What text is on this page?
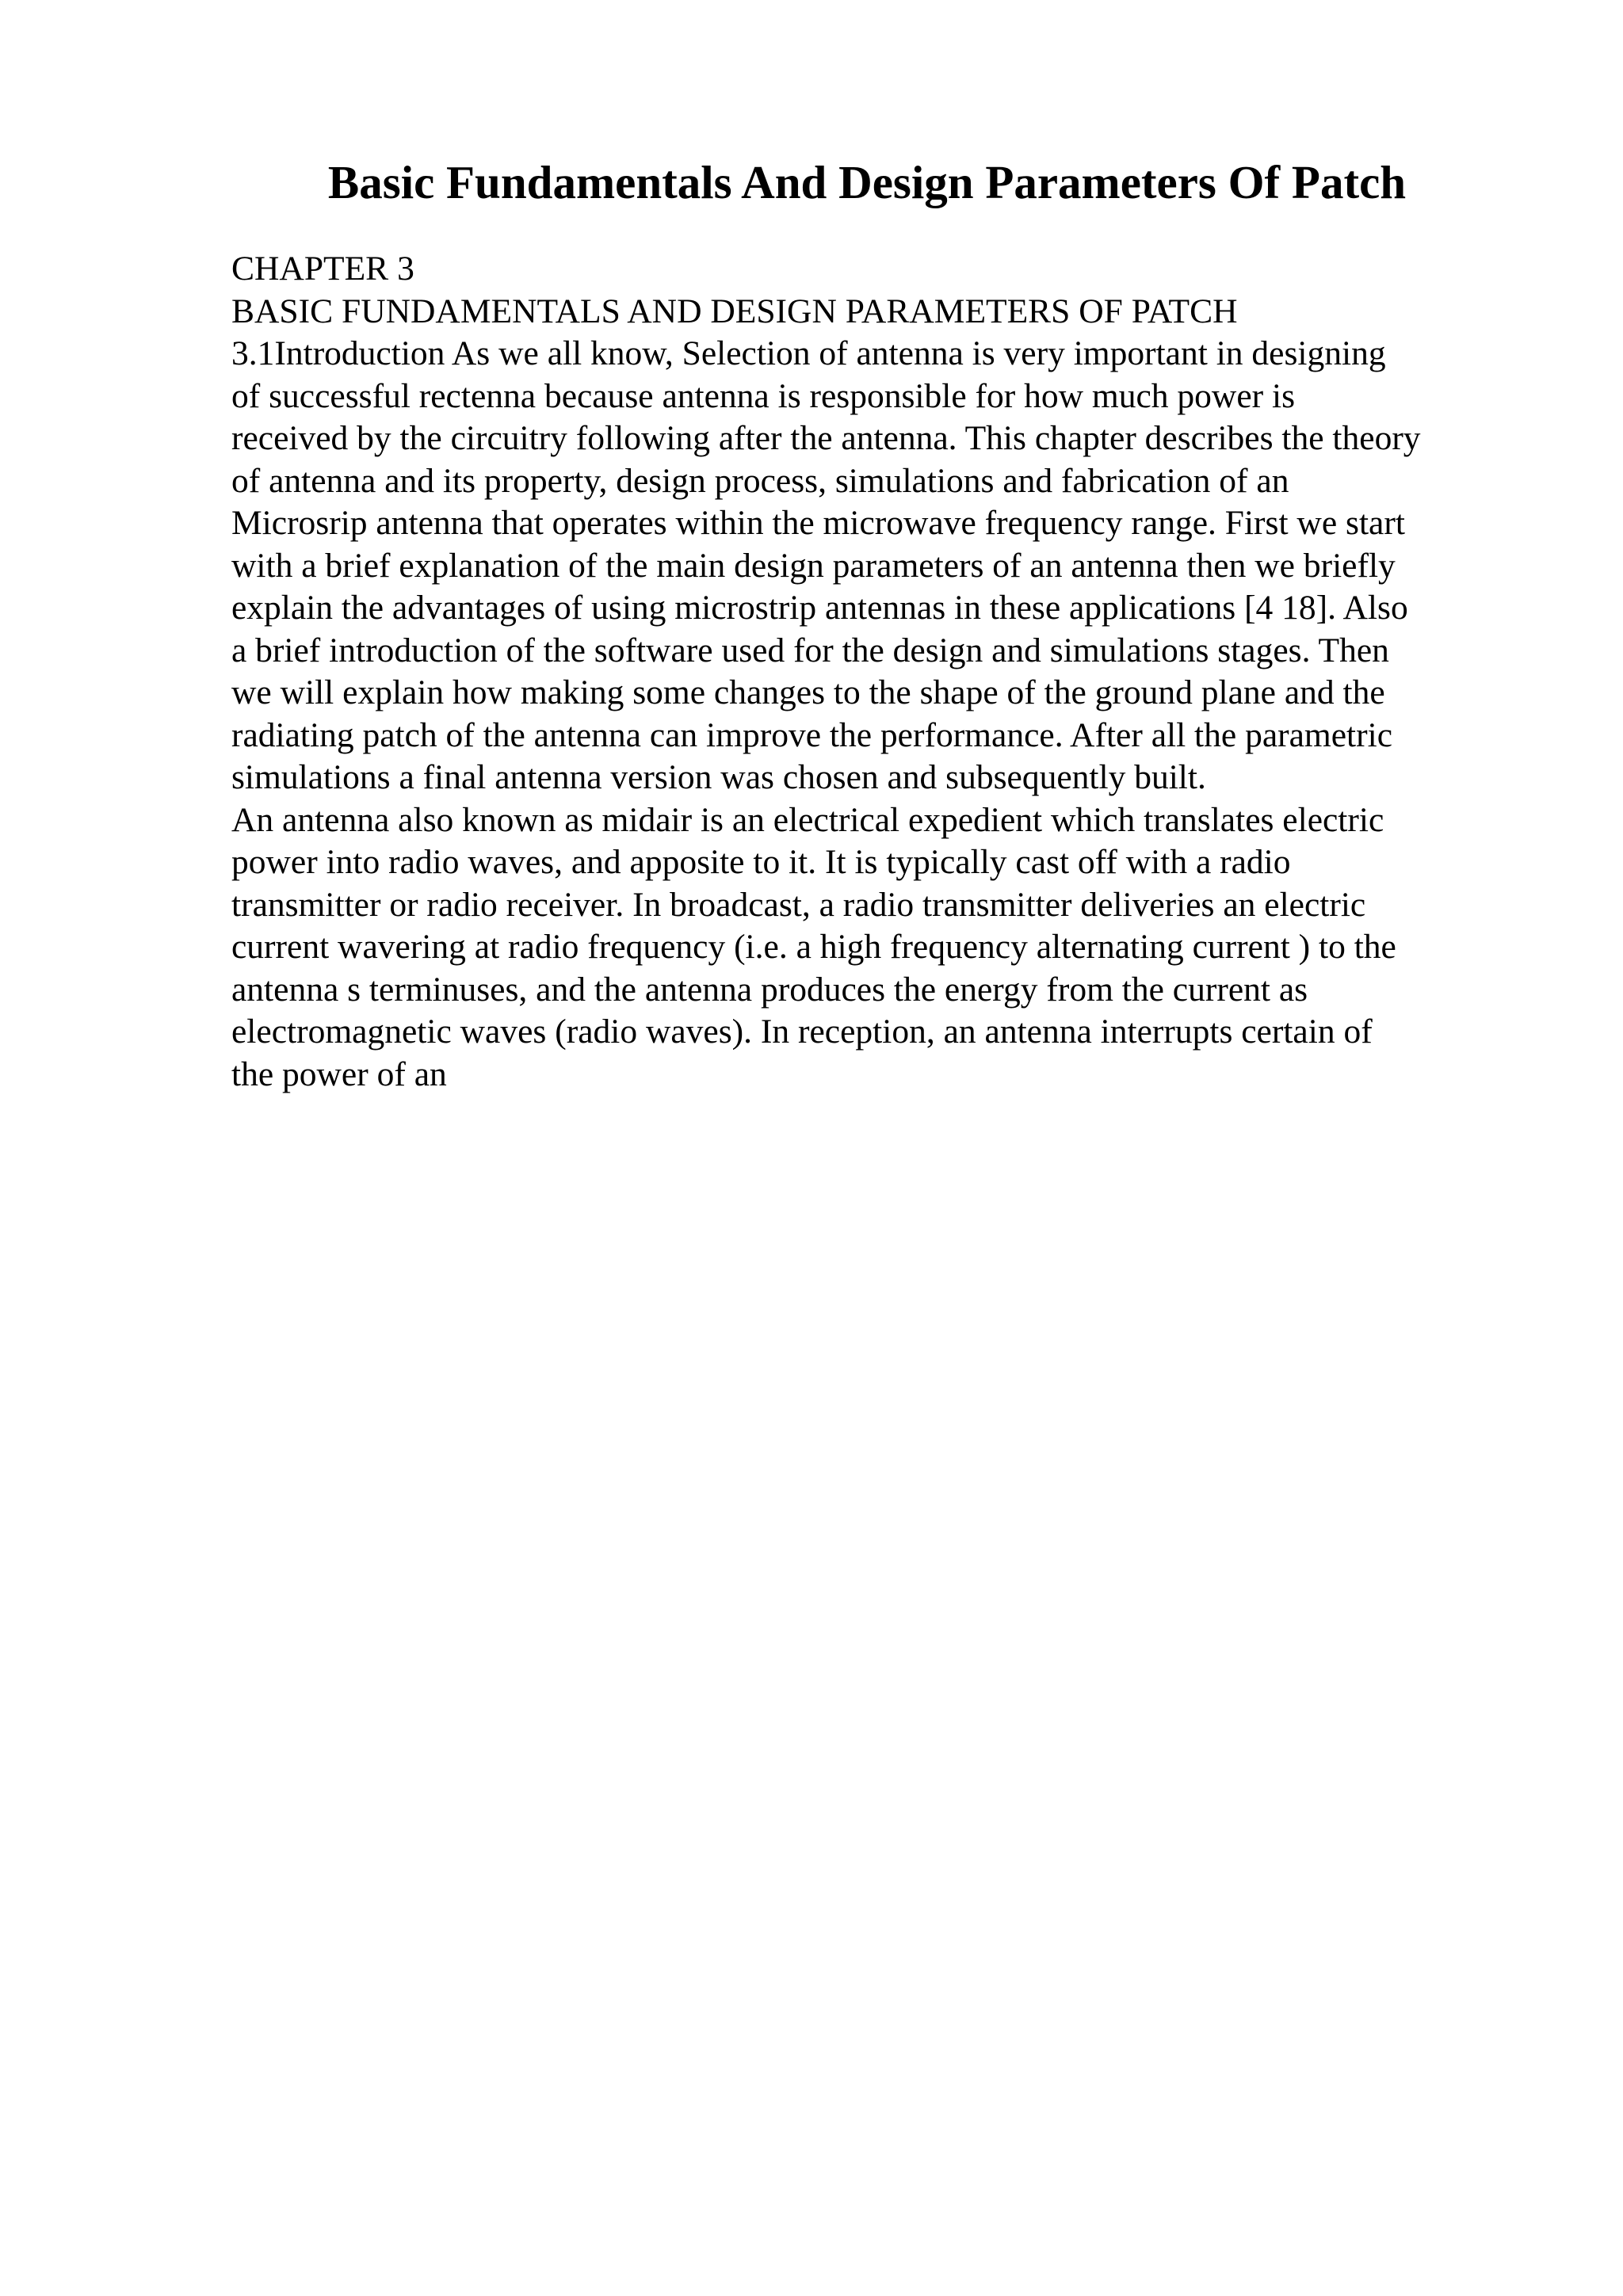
Basic Fundamentals And Design Parameters Of Patch
CHAPTER 3
BASIC FUNDAMENTALS AND DESIGN PARAMETERS OF PATCH
3.1Introduction As we all know, Selection of antenna is very important in designing
of successful rectenna because antenna is responsible for how much power is
received by the circuitry following after the antenna. This chapter describes the theory
of antenna and its property, design process, simulations and fabrication of an
Microsrip antenna that operates within the microwave frequency range. First we start
with a brief explanation of the main design parameters of an antenna then we briefly
explain the advantages of using microstrip antennas in these applications [4 18]. Also
a brief introduction of the software used for the design and simulations stages. Then
we will explain how making some changes to the shape of the ground plane and the
radiating patch of the antenna can improve the performance. After all the parametric
simulations a final antenna version was chosen and subsequently built.
An antenna also known as midair is an electrical expedient which translates electric
power into radio waves, and apposite to it. It is typically cast off with a radio
transmitter or radio receiver. In broadcast, a radio transmitter deliveries an electric
current wavering at radio frequency (i.e. a high frequency alternating current ) to the
antenna s terminuses, and the antenna produces the energy from the current as
electromagnetic waves (radio waves). In reception, an antenna interrupts certain of
the power of an
